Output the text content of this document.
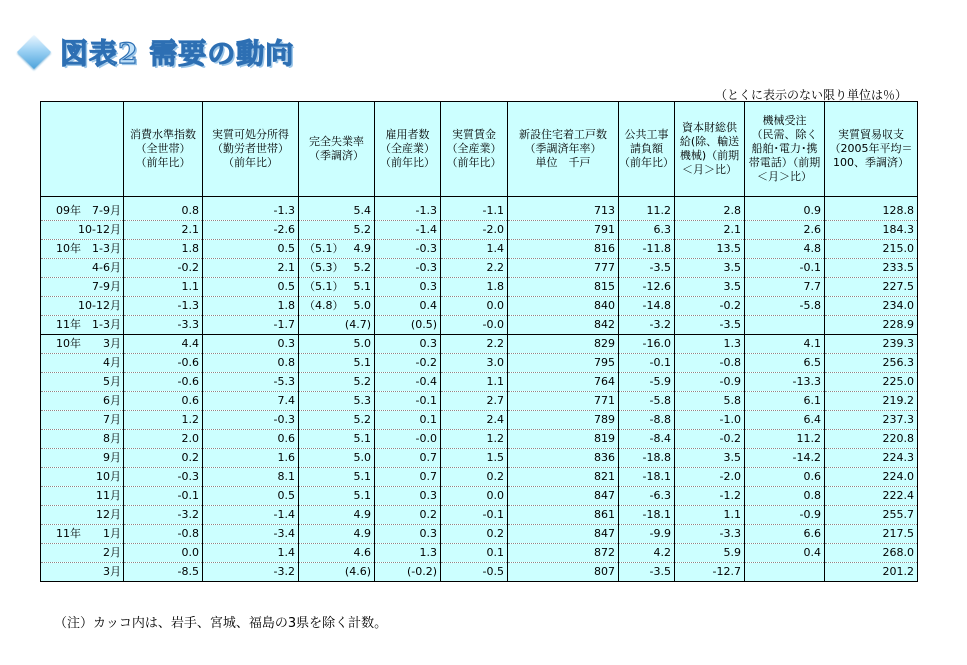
図表2 需要の動向
（とくに表示のない限り単位は％）
	消費水準指数
（全世帯）
（前年比）	実質可処分所得
（勤労者世帯）
（前年比）	完全失業率
（季調済）	雇用者数
（全産業）
（前年比）	実質賃金
（全産業）
（前年比）	新設住宅着工戸数
（季調済年率）
単位　千戸	公共工事
請負額
（前年比）	資本財総供
給(除、輸送
機械)（前期
＜月＞比）	機械受注
（民需、除く
船舶･電力･携
帯電話）（前期
＜月＞比）	実質貿易収支
（2005年平均＝
100、季調済）

09年　7-9月	0.8	-1.3	5.4	-1.3	-1.1	713	11.2	2.8	0.9	128.8
10-12月	2.1	-2.6	5.2	-1.4	-2.0	791	6.3	2.1	2.6	184.3
10年　1-3月	1.8	0.5	（5.1） 4.9	-0.3	1.4	816	-11.8	13.5	4.8	215.0
4-6月	-0.2	2.1	（5.3） 5.2	-0.3	2.2	777	-3.5	3.5	-0.1	233.5
7-9月	1.1	0.5	（5.1） 5.1	0.3	1.8	815	-12.6	3.5	7.7	227.5
10-12月	-1.3	1.8	（4.8） 5.0	0.4	0.0	840	-14.8	-0.2	-5.8	234.0
11年　1-3月	-3.3	-1.7	(4.7)	(0.5)	-0.0	842	-3.2	-3.5		228.9
10年　　3月	4.4	0.3	5.0	0.3	2.2	829	-16.0	1.3	4.1	239.3
4月	-0.6	0.8	5.1	-0.2	3.0	795	-0.1	-0.8	6.5	256.3
5月	-0.6	-5.3	5.2	-0.4	1.1	764	-5.9	-0.9	-13.3	225.0
6月	0.6	7.4	5.3	-0.1	2.7	771	-5.8	5.8	6.1	219.2
7月	1.2	-0.3	5.2	0.1	2.4	789	-8.8	-1.0	6.4	237.3
8月	2.0	0.6	5.1	-0.0	1.2	819	-8.4	-0.2	11.2	220.8
9月	0.2	1.6	5.0	0.7	1.5	836	-18.8	3.5	-14.2	224.3
10月	-0.3	8.1	5.1	0.7	0.2	821	-18.1	-2.0	0.6	224.0
11月	-0.1	0.5	5.1	0.3	0.0	847	-6.3	-1.2	0.8	222.4
12月	-3.2	-1.4	4.9	0.2	-0.1	861	-18.1	1.1	-0.9	255.7
11年　　1月	-0.8	-3.4	4.9	0.3	0.2	847	-9.9	-3.3	6.6	217.5
2月	0.0	1.4	4.6	1.3	0.1	872	4.2	5.9	0.4	268.0
3月	-8.5	-3.2	(4.6)	(-0.2)	-0.5	807	-3.5	-12.7		201.2
（注）カッコ内は、岩手、宮城、福島の3県を除く計数。
